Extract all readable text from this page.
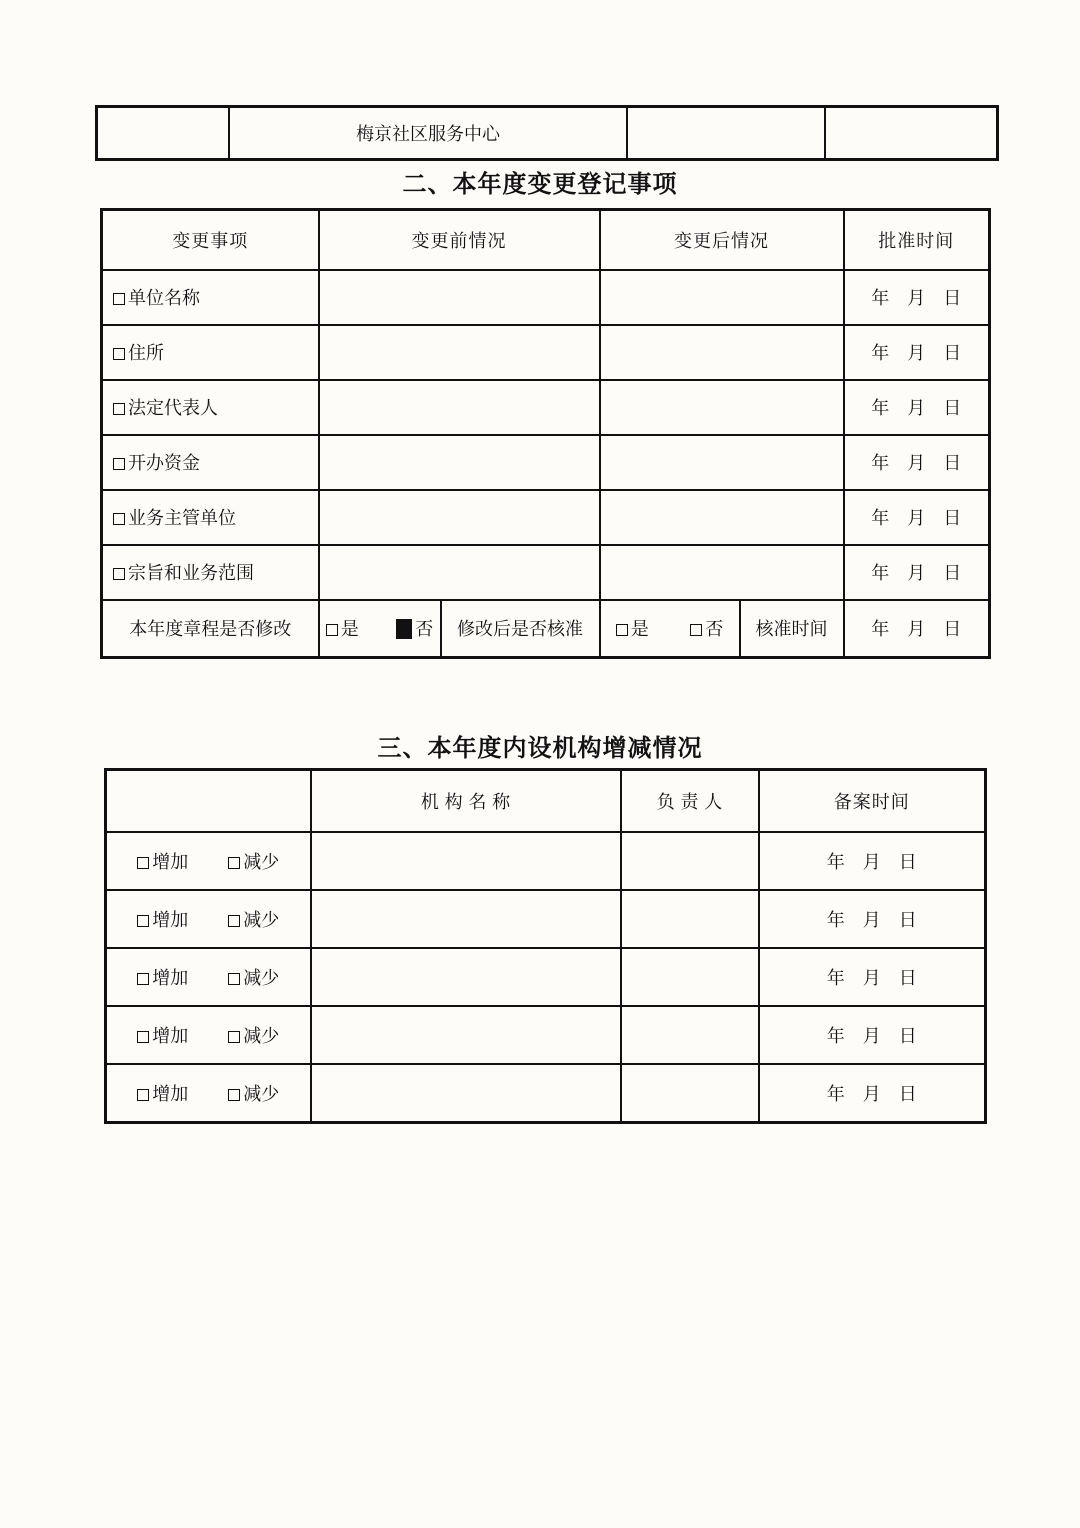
	梅京社区服务中心		
二、本年度变更登记事项
变更事项	变更前情况		变更后情况		批准时间
单位名称					年 月 日
住所					年 月 日
法定代表人					年 月 日
开办资金					年 月 日
业务主管单位					年 月 日
宗旨和业务范围					年 月 日
本年度章程是否修改	是 否	修改后是否核准	是 否	核准时间	年 月 日
三、本年度内设机构增减情况
	机 构 名 称	负 责 人	备案时间
增加 减少			年 月 日
增加 减少			年 月 日
增加 减少			年 月 日
增加 减少			年 月 日
增加 减少			年 月 日
